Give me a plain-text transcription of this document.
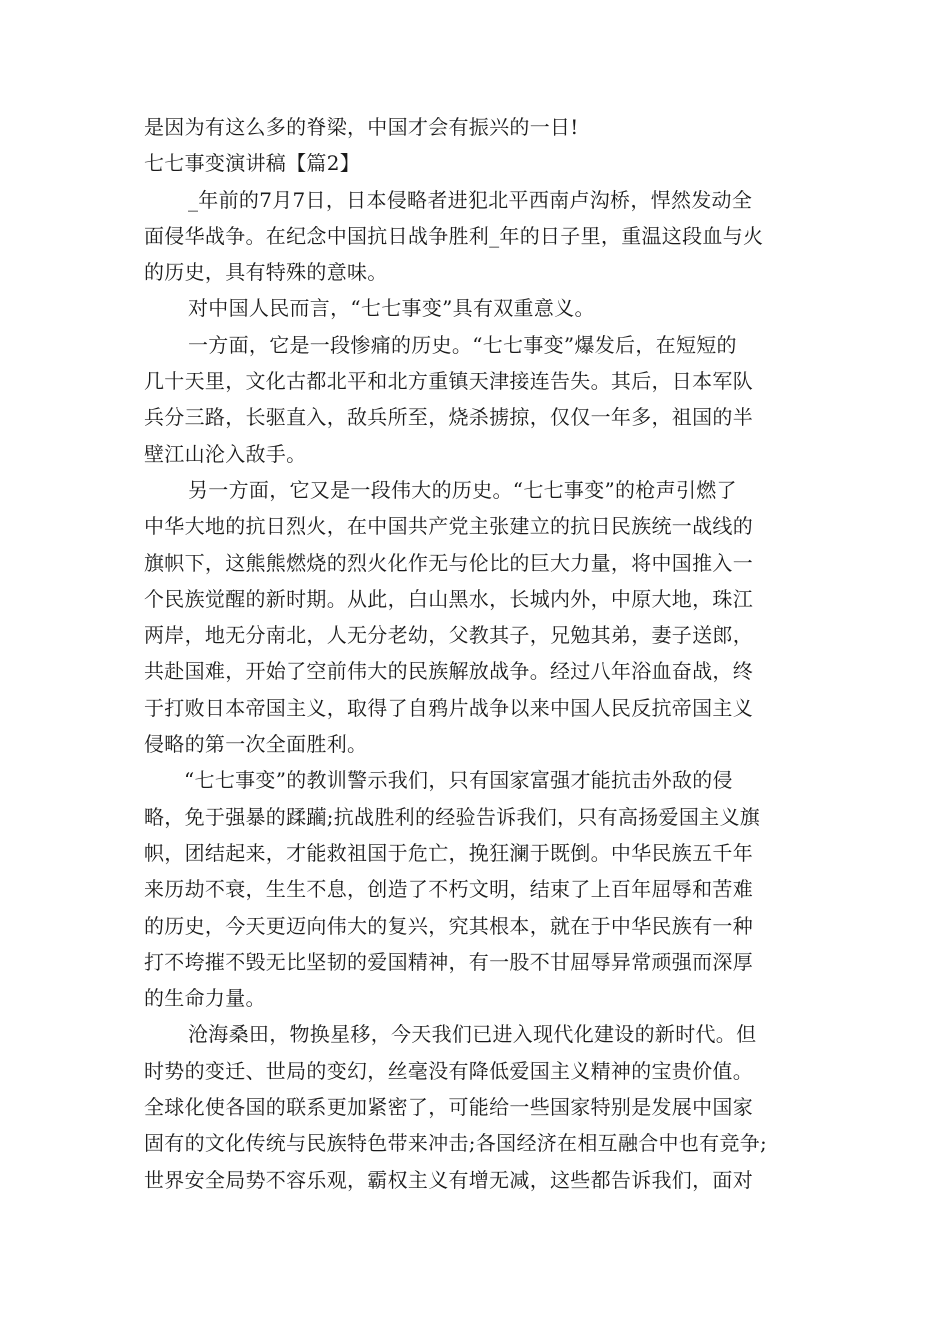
是因为有这么多的脊梁，中国才会有振兴的一日!
七七事变演讲稿【篇2】
_年前的7月7日，日本侵略者进犯北平西南卢沟桥，悍然发动全
面侵华战争。在纪念中国抗日战争胜利_年的日子里，重温这段血与火
的历史，具有特殊的意味。
对中国人民而言，“七七事变”具有双重意义。
一方面，它是一段惨痛的历史。“七七事变”爆发后，在短短的
几十天里，文化古都北平和北方重镇天津接连告失。其后，日本军队
兵分三路，长驱直入，敌兵所至，烧杀掳掠，仅仅一年多，祖国的半
壁江山沦入敌手。
另一方面，它又是一段伟大的历史。“七七事变”的枪声引燃了
中华大地的抗日烈火，在中国共产党主张建立的抗日民族统一战线的
旗帜下，这熊熊燃烧的烈火化作无与伦比的巨大力量，将中国推入一
个民族觉醒的新时期。从此，白山黑水，长城内外，中原大地，珠江
两岸，地无分南北，人无分老幼，父教其子，兄勉其弟，妻子送郎，
共赴国难，开始了空前伟大的民族解放战争。经过八年浴血奋战，终
于打败日本帝国主义，取得了自鸦片战争以来中国人民反抗帝国主义
侵略的第一次全面胜利。
“七七事变”的教训警示我们，只有国家富强才能抗击外敌的侵
略，免于强暴的蹂躏;抗战胜利的经验告诉我们，只有高扬爱国主义旗
帜，团结起来，才能救祖国于危亡，挽狂澜于既倒。中华民族五千年
来历劫不衰，生生不息，创造了不朽文明，结束了上百年屈辱和苦难
的历史，今天更迈向伟大的复兴，究其根本，就在于中华民族有一种
打不垮摧不毁无比坚韧的爱国精神，有一股不甘屈辱异常顽强而深厚
的生命力量。
沧海桑田，物换星移，今天我们已进入现代化建设的新时代。但
时势的变迁、世局的变幻，丝毫没有降低爱国主义精神的宝贵价值。
全球化使各国的联系更加紧密了，可能给一些国家特别是发展中国家
固有的文化传统与民族特色带来冲击;各国经济在相互融合中也有竞争;
世界安全局势不容乐观，霸权主义有增无减，这些都告诉我们，面对
